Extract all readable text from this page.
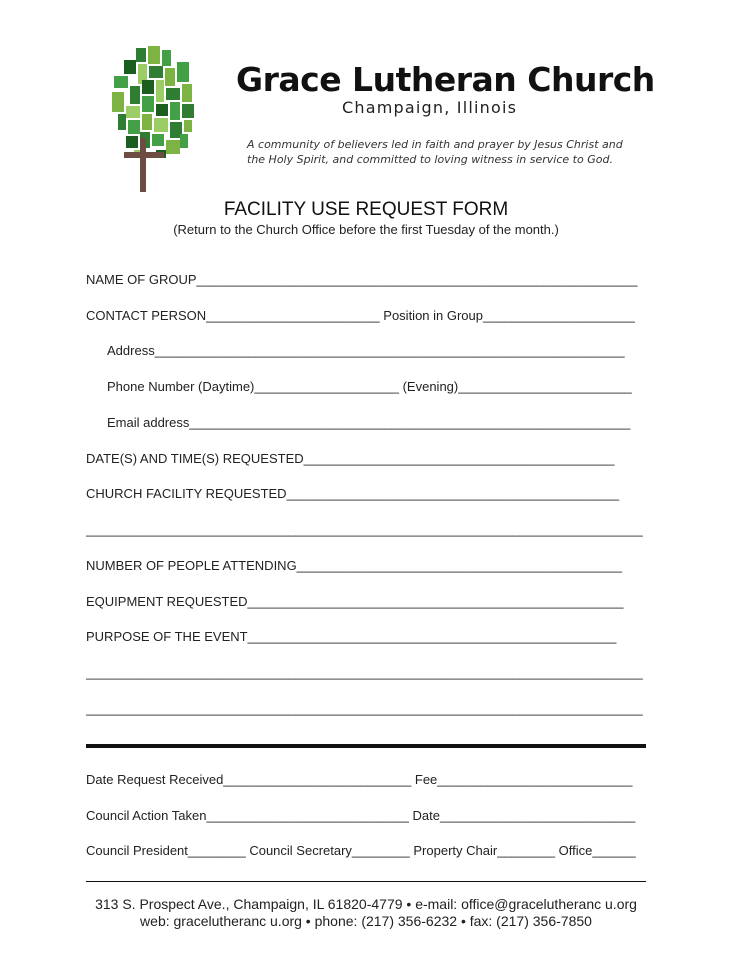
Grace Lutheran Church
Champaign, Illinois
A community of believers led in faith and prayer by Jesus Christ and the Holy Spirit, and committed to loving witness in service to God.
FACILITY USE REQUEST FORM
(Return to the Church Office before the first Tuesday of the month.)
NAME OF GROUP_____________________________________________________________
CONTACT PERSON________________________ Position in Group_____________________
Address_________________________________________________________________
Phone Number (Daytime)____________________ (Evening)________________________
Email address_____________________________________________________________
DATE(S) AND TIME(S) REQUESTED___________________________________________
CHURCH FACILITY REQUESTED______________________________________________
_____________________________________________________________________________
NUMBER OF PEOPLE ATTENDING_____________________________________________
EQUIPMENT REQUESTED____________________________________________________
PURPOSE OF THE EVENT___________________________________________________
_____________________________________________________________________________
_____________________________________________________________________________
Date Request Received__________________________ Fee___________________________
Council Action Taken____________________________ Date___________________________
Council President________ Council Secretary________ Property Chair________ Office______
313 S. Prospect Ave., Champaign, IL 61820-4779 • e-mail: office@gracelutheranc u.org
web: gracelutheranc u.org • phone: (217) 356-6232 • fax: (217) 356-7850
